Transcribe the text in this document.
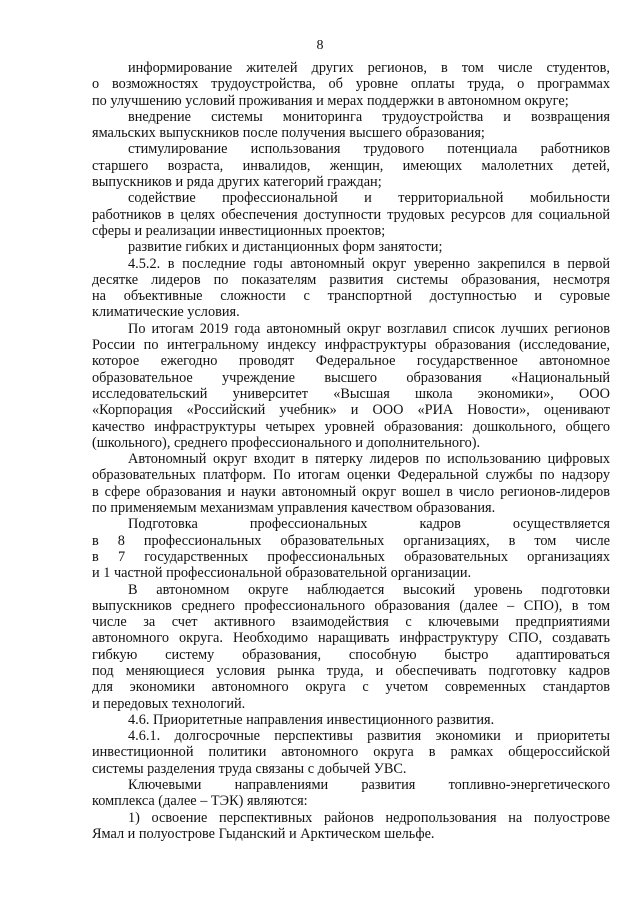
8
информирование жителей других регионов, в том числе студентов,
о возможностях трудоустройства, об уровне оплаты труда, о программах
по улучшению условий проживания и мерах поддержки в автономном округе;
внедрение системы мониторинга трудоустройства и возвращения
ямальских выпускников после получения высшего образования;
стимулирование использования трудового потенциала работников
старшего возраста, инвалидов, женщин, имеющих малолетних детей,
выпускников и ряда других категорий граждан;
содействие профессиональной и территориальной мобильности
работников в целях обеспечения доступности трудовых ресурсов для социальной
сферы и реализации инвестиционных проектов;
развитие гибких и дистанционных форм занятости;
4.5.2. в последние годы автономный округ уверенно закрепился в первой
десятке лидеров по показателям развития системы образования, несмотря
на объективные сложности с транспортной доступностью и суровые
климатические условия.
По итогам 2019 года автономный округ возглавил список лучших регионов
России по интегральному индексу инфраструктуры образования (исследование,
которое ежегодно проводят Федеральное государственное автономное
образовательное учреждение высшего образования «Национальный
исследовательский университет «Высшая школа экономики», ООО
«Корпорация «Российский учебник» и ООО «РИА Новости», оценивают
качество инфраструктуры четырех уровней образования: дошкольного, общего
(школьного), среднего профессионального и дополнительного).
Автономный округ входит в пятерку лидеров по использованию цифровых
образовательных платформ. По итогам оценки Федеральной службы по надзору
в сфере образования и науки автономный округ вошел в число регионов-лидеров
по применяемым механизмам управления качеством образования.
Подготовка профессиональных кадров осуществляется
в 8 профессиональных образовательных организациях, в том числе
в 7 государственных профессиональных образовательных организациях
и 1 частной профессиональной образовательной организации.
В автономном округе наблюдается высокий уровень подготовки
выпускников среднего профессионального образования (далее – СПО), в том
числе за счет активного взаимодействия с ключевыми предприятиями
автономного округа. Необходимо наращивать инфраструктуру СПО, создавать
гибкую систему образования, способную быстро адаптироваться
под меняющиеся условия рынка труда, и обеспечивать подготовку кадров
для экономики автономного округа с учетом современных стандартов
и передовых технологий.
4.6. Приоритетные направления инвестиционного развития.
4.6.1. долгосрочные перспективы развития экономики и приоритеты
инвестиционной политики автономного округа в рамках общероссийской
системы разделения труда связаны с добычей УВС.
Ключевыми направлениями развития топливно-энергетического
комплекса (далее – ТЭК) являются:
1) освоение перспективных районов недропользования на полуострове
Ямал и полуострове Гыданский и Арктическом шельфе.
